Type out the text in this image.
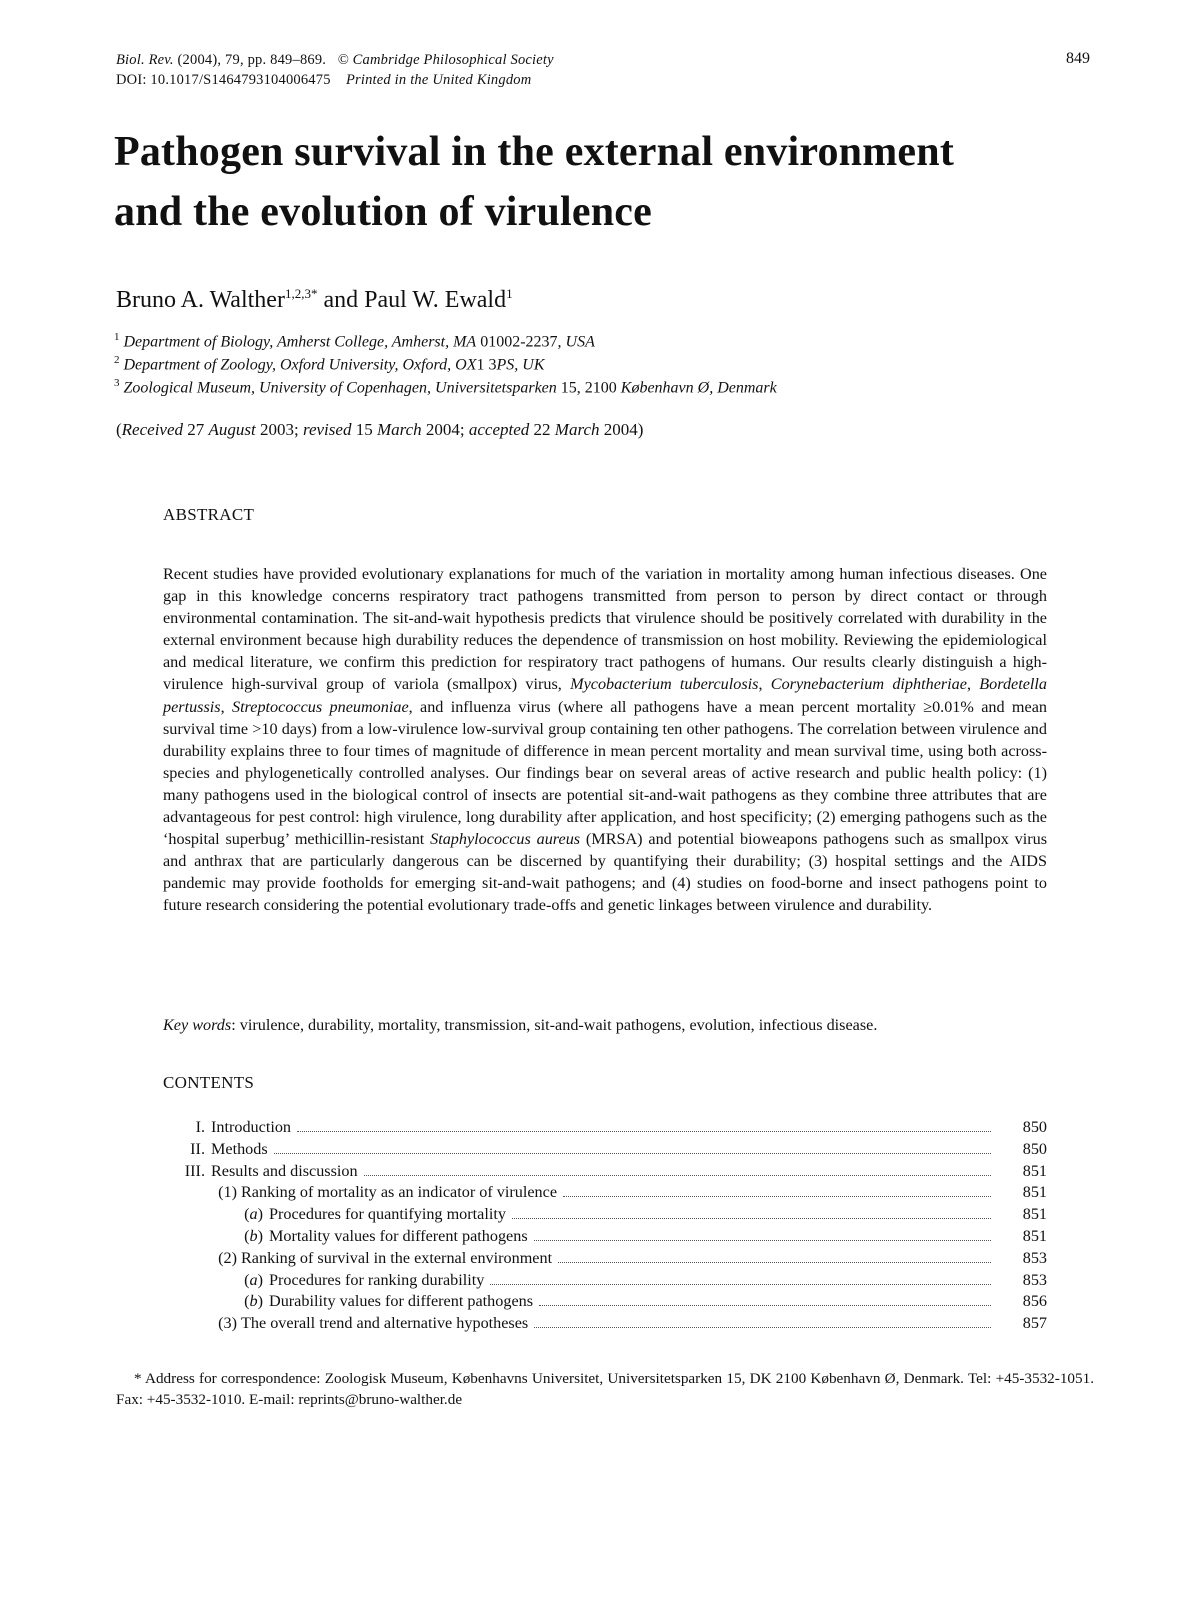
Biol. Rev. (2004), 79, pp. 849–869. © Cambridge Philosophical Society
DOI: 10.1017/S1464793104006475 Printed in the United Kingdom
849
Pathogen survival in the external environment
and the evolution of virulence
Bruno A. Walther$^{1,2,3*}$ and Paul W. Ewald$^1$
$^1$ Department of Biology, Amherst College, Amherst, MA 01002-2237, USA
$^2$ Department of Zoology, Oxford University, Oxford, OX1 3PS, UK
$^3$ Zoological Museum, University of Copenhagen, Universitetsparken 15, 2100 København Ø, Denmark
(Received 27 August 2003; revised 15 March 2004; accepted 22 March 2004)
ABSTRACT
Recent studies have provided evolutionary explanations for much of the variation in mortality among human infectious diseases. One gap in this knowledge concerns respiratory tract pathogens transmitted from person to person by direct contact or through environmental contamination. The sit-and-wait hypothesis predicts that virulence should be positively correlated with durability in the external environment because high durability reduces the dependence of transmission on host mobility. Reviewing the epidemiological and medical literature, we confirm this prediction for respiratory tract pathogens of humans. Our results clearly distinguish a high-virulence high-survival group of variola (smallpox) virus, Mycobacterium tuberculosis, Corynebacterium diphtheriae, Bordetella pertussis, Streptococcus pneumoniae, and influenza virus (where all pathogens have a mean percent mortality ≥0.01% and mean survival time >10 days) from a low-virulence low-survival group containing ten other pathogens. The correlation between virulence and durability explains three to four times of magnitude of difference in mean percent mortality and mean survival time, using both across-species and phylogenetically controlled analyses. Our findings bear on several areas of active research and public health policy: (1) many pathogens used in the biological control of insects are potential sit-and-wait pathogens as they combine three attributes that are advantageous for pest control: high virulence, long durability after application, and host specificity; (2) emerging pathogens such as the ‘hospital superbug’ methicillin-resistant Staphylococcus aureus (MRSA) and potential bioweapons pathogens such as smallpox virus and anthrax that are particularly dangerous can be discerned by quantifying their durability; (3) hospital settings and the AIDS pandemic may provide footholds for emerging sit-and-wait pathogens; and (4) studies on food-borne and insect pathogens point to future research considering the potential evolutionary trade-offs and genetic linkages between virulence and durability.
Key words: virulence, durability, mortality, transmission, sit-and-wait pathogens, evolution, infectious disease.
CONTENTS
I. Introduction	850
II. Methods	850
III. Results and discussion	851
(1) Ranking of mortality as an indicator of virulence	851
(a) Procedures for quantifying mortality	851
(b) Mortality values for different pathogens	851
(2) Ranking of survival in the external environment	853
(a) Procedures for ranking durability	853
(b) Durability values for different pathogens	856
(3) The overall trend and alternative hypotheses	857
* Address for correspondence: Zoologisk Museum, Københavns Universitet, Universitetsparken 15, DK 2100 København Ø, Denmark. Tel: +45-3532-1051. Fax: +45-3532-1010. E-mail: reprints@bruno-walther.de
